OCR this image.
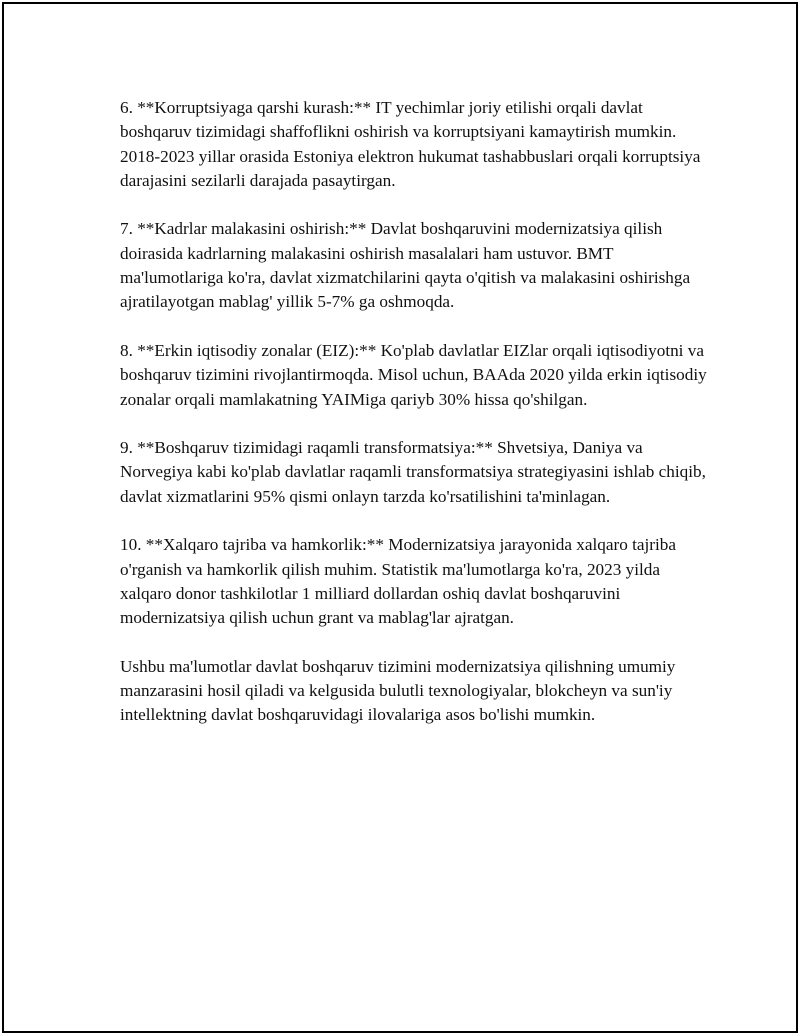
6. **Korruptsiyaga qarshi kurash:** IT yechimlar joriy etilishi orqali davlat boshqaruv tizimidagi shaffoflikni oshirish va korruptsiyani kamaytirish mumkin. 2018-2023 yillar orasida Estoniya elektron hukumat tashabbuslari orqali korruptsiya darajasini sezilarli darajada pasaytirgan.

7. **Kadrlar malakasini oshirish:** Davlat boshqaruvini modernizatsiya qilish doirasida kadrlarning malakasini oshirish masalalari ham ustuvor. BMT ma'lumotlariga ko'ra, davlat xizmatchilarini qayta o'qitish va malakasini oshirishga ajratilayotgan mablag' yillik 5-7% ga oshmoqda.

8. **Erkin iqtisodiy zonalar (EIZ):** Ko'plab davlatlar EIZlar orqali iqtisodiyotni va boshqaruv tizimini rivojlantirmoqda. Misol uchun, BAAda 2020 yilda erkin iqtisodiy zonalar orqali mamlakatning YAIMiga qariyb 30% hissa qo'shilgan.

9. **Boshqaruv tizimidagi raqamli transformatsiya:** Shvetsiya, Daniya va Norvegiya kabi ko'plab davlatlar raqamli transformatsiya strategiyasini ishlab chiqib, davlat xizmatlarini 95% qismi onlayn tarzda ko'rsatilishini ta'minlagan.

10. **Xalqaro tajriba va hamkorlik:** Modernizatsiya jarayonida xalqaro tajriba o'rganish va hamkorlik qilish muhim. Statistik ma'lumotlarga ko'ra, 2023 yilda xalqaro donor tashkilotlar 1 milliard dollardan oshiq davlat boshqaruvini modernizatsiya qilish uchun grant va mablag'lar ajratgan.

Ushbu ma'lumotlar davlat boshqaruv tizimini modernizatsiya qilishning umumiy manzarasini hosil qiladi va kelgusida bulutli texnologiyalar, blokcheyn va sun'iy intellektning davlat boshqaruvidagi ilovalariga asos bo'lishi mumkin.
